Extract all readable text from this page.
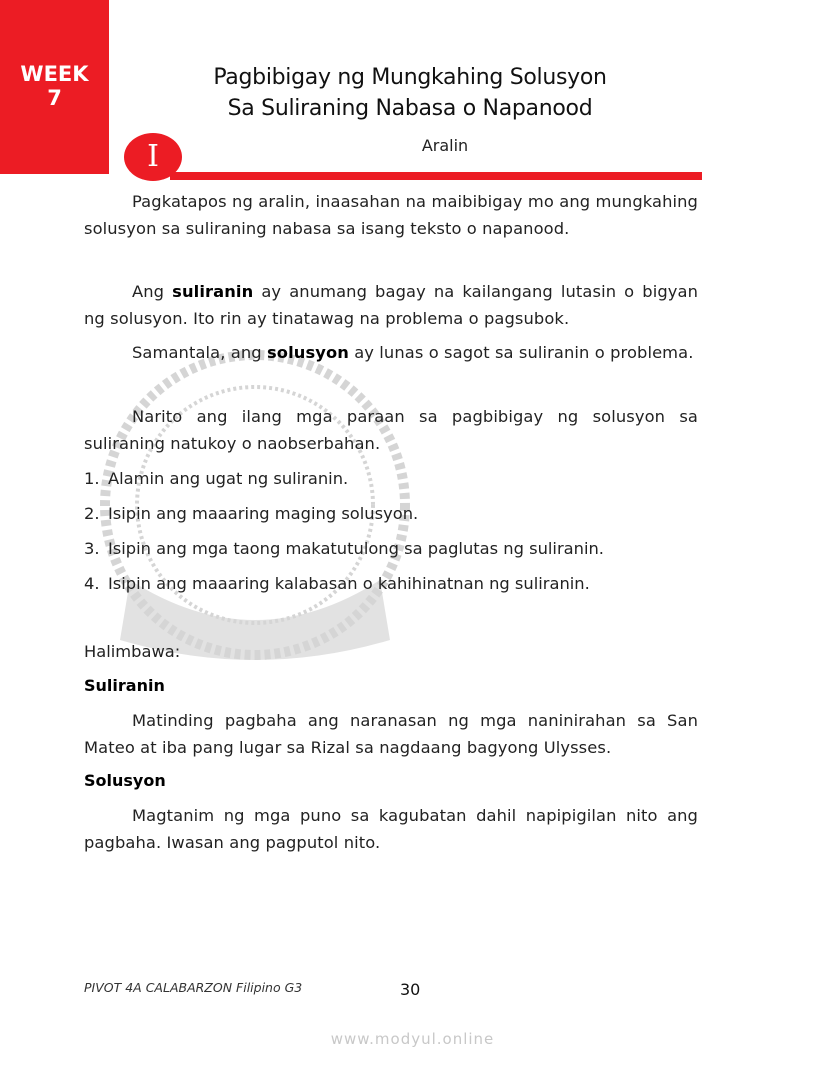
WEEK
7
Pagbibigay ng Mungkahing Solusyon
Sa Suliraning Nabasa o Napanood
I	Aralin
Pagkatapos ng aralin, inaasahan na maibibigay mo ang mungkahing solusyon sa suliraning nabasa sa isang teksto o napanood.
Ang suliranin ay anumang bagay na kailangang lutasin o bigyan ng solusyon. Ito rin ay tinatawag na problema o pagsubok.
Samantala, ang solusyon ay lunas o sagot sa suliranin o problema.
Narito ang ilang mga paraan sa pagbibigay ng solusyon sa suliraning natukoy o naobserbahan.
1. Alamin ang ugat ng suliranin.
2. Isipin ang maaaring maging solusyon.
3. Isipin ang mga taong makatutulong sa paglutas ng suliranin.
4. Isipin ang maaaring kalabasan o kahihinatnan ng suliranin.
Halimbawa:
Suliranin
Matinding pagbaha ang naranasan ng mga naninirahan sa San Mateo at iba pang lugar sa Rizal sa nagdaang bagyong Ulysses.
Solusyon
Magtanim ng mga puno sa kagubatan dahil napipigilan nito ang pagbaha. Iwasan ang pagputol nito.
PIVOT 4A CALABARZON Filipino G3	30
www.modyul.online
